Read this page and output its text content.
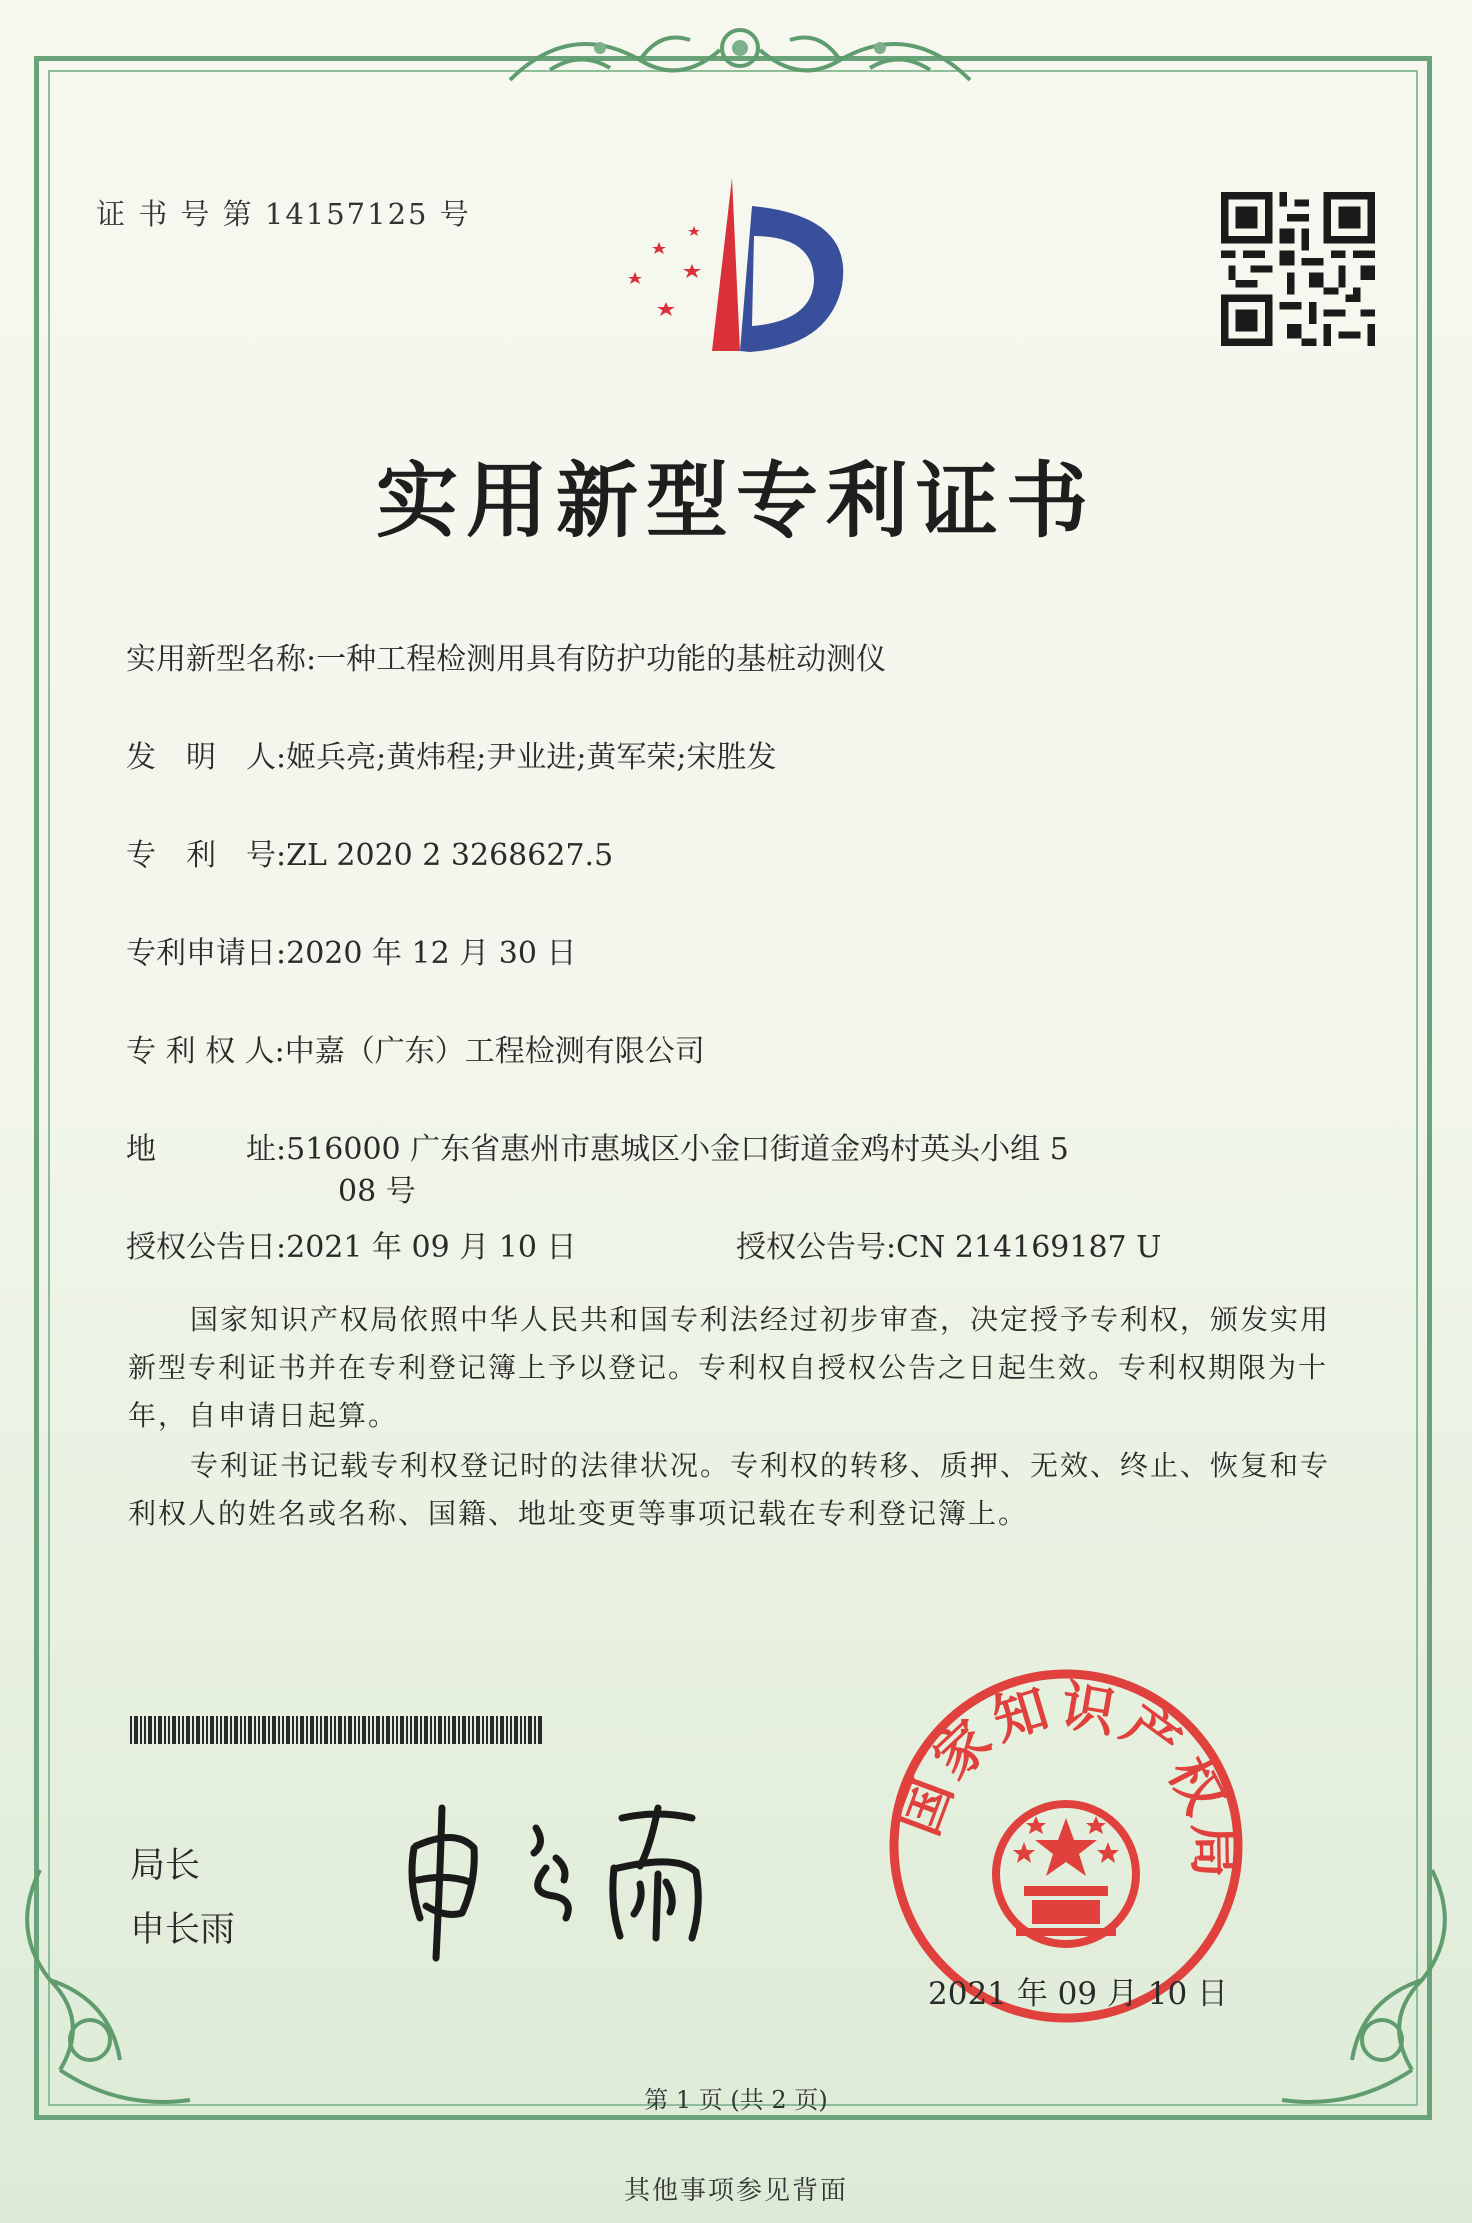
证 书 号 第 14157125 号
实用新型专利证书
实用新型名称:一种工程检测用具有防护功能的基桩动测仪
发　明　人:姬兵亮;黄炜程;尹业进;黄军荣;宋胜发
专　利　号:ZL 2020 2 3268627.5
专利申请日:2020 年 12 月 30 日
专 利 权 人:中嘉（广东）工程检测有限公司
地　　　址:516000 广东省惠州市惠城区小金口街道金鸡村英头小组 5
08 号
授权公告日:2021 年 09 月 10 日	授权公告号:CN 214169187 U
国家知识产权局依照中华人民共和国专利法经过初步审查，决定授予专利权，颁发实用新型专利证书并在专利登记簿上予以登记。专利权自授权公告之日起生效。专利权期限为十年，自申请日起算。
专利证书记载专利权登记时的法律状况。专利权的转移、质押、无效、终止、恢复和专利权人的姓名或名称、国籍、地址变更等事项记载在专利登记簿上。
局长
申长雨
国家知识产权局
2021 年 09 月 10 日
第 1 页 (共 2 页)
其他事项参见背面
